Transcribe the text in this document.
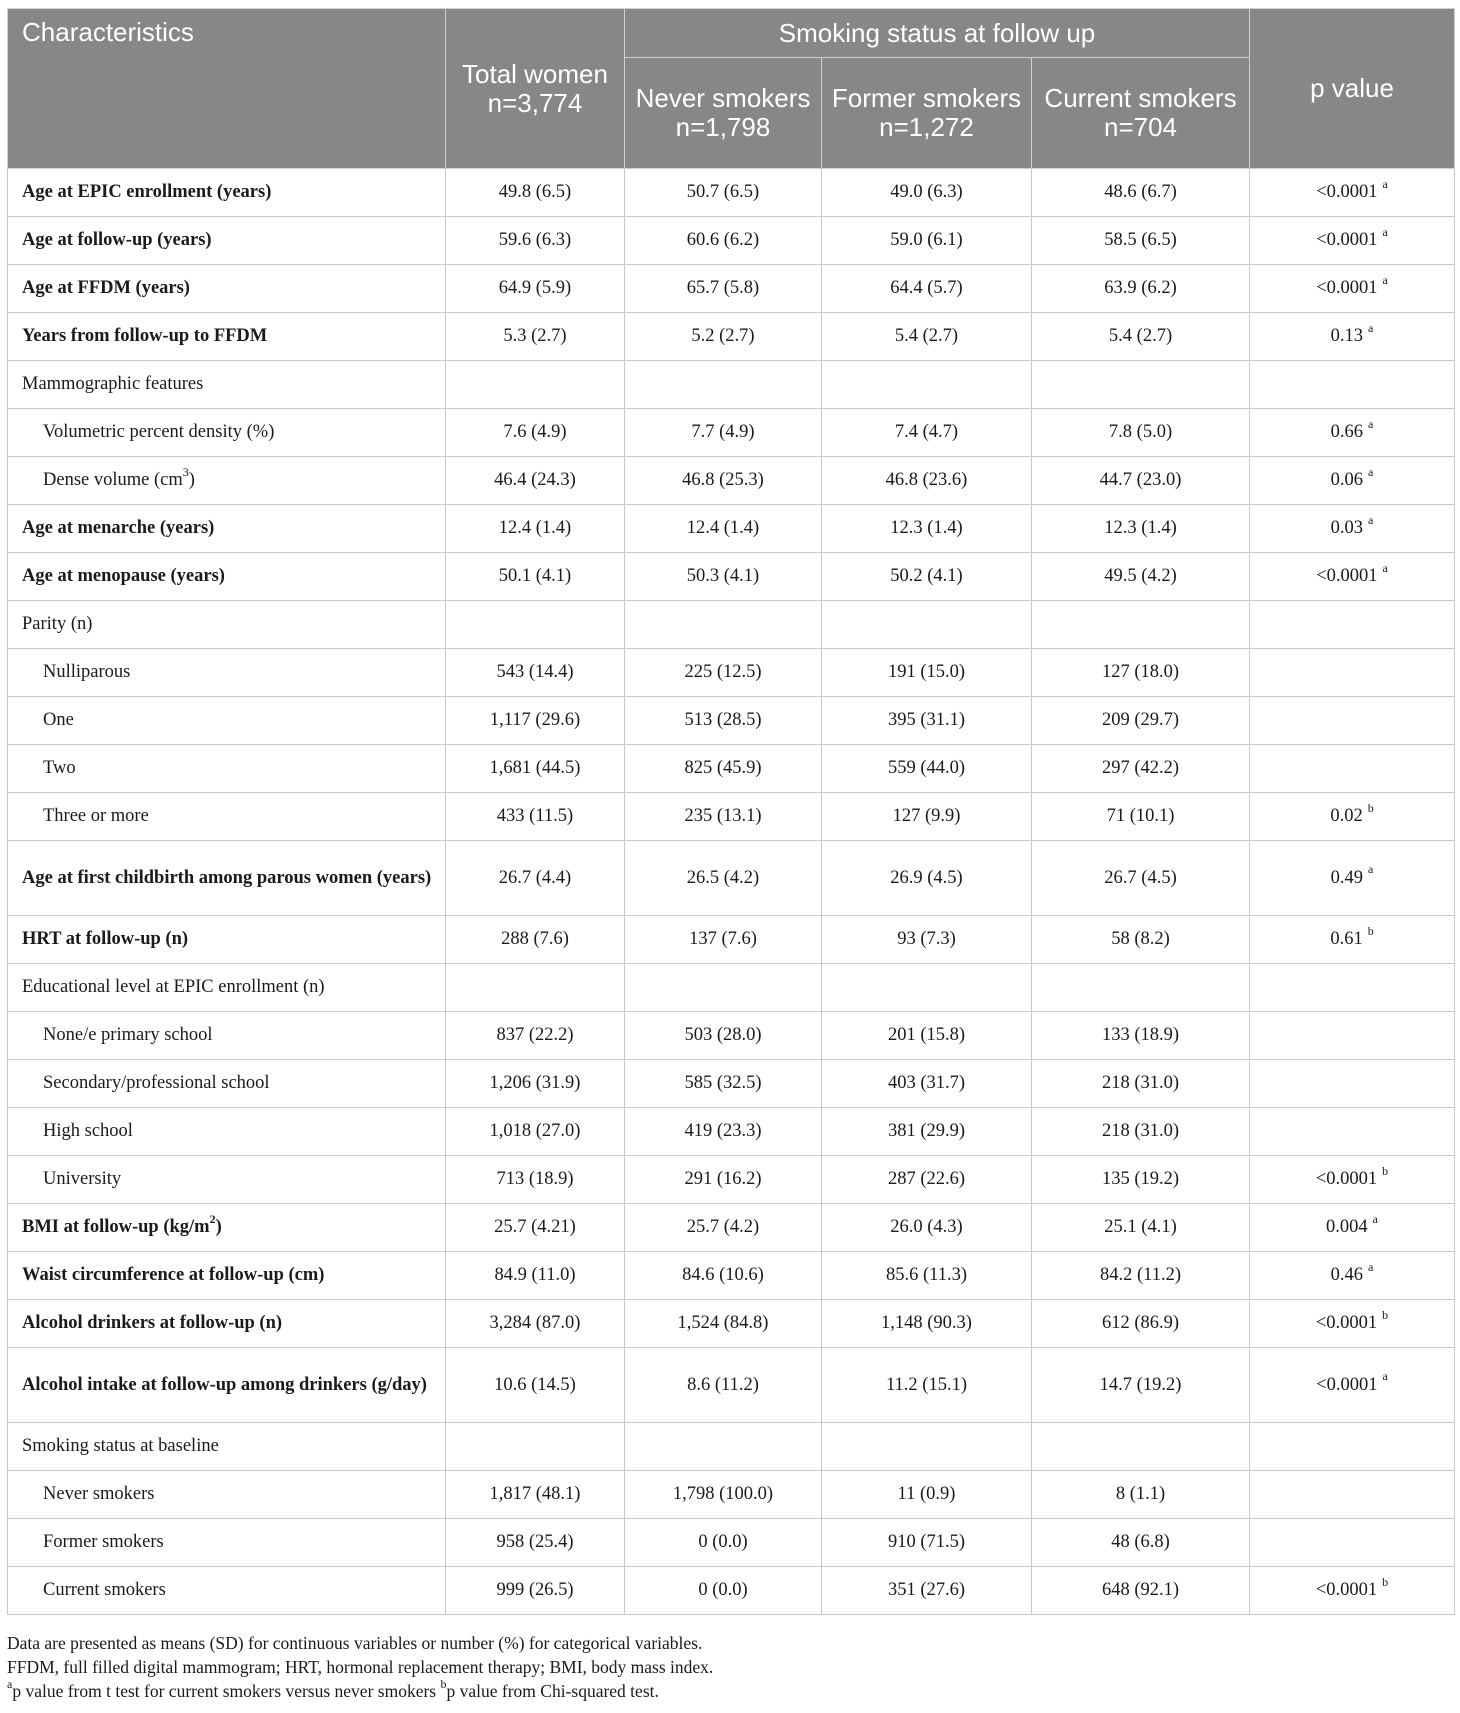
Characteristics	Total women n=3,774	Smoking status at follow up			p value
		Never smokers n=1,798	Former smokers n=1,272	Current smokers n=704	
Age at EPIC enrollment (years)	49.8 (6.5)	50.7 (6.5)	49.0 (6.3)	48.6 (6.7)	<0.0001 $^a$
Age at follow-up (years)	59.6 (6.3)	60.6 (6.2)	59.0 (6.1)	58.5 (6.5)	<0.0001 $^a$
Age at FFDM (years)	64.9 (5.9)	65.7 (5.8)	64.4 (5.7)	63.9 (6.2)	<0.0001 $^a$
Years from follow-up to FFDM	5.3 (2.7)	5.2 (2.7)	5.4 (2.7)	5.4 (2.7)	0.13 $^a$
Mammographic features					
Volumetric percent density (%)	7.6 (4.9)	7.7 (4.9)	7.4 (4.7)	7.8 (5.0)	0.66 $^a$
Dense volume $(cm^3)$	46.4 (24.3)	46.8 (25.3)	46.8 (23.6)	44.7 (23.0)	0.06 $^a$
Age at menarche (years)	12.4 (1.4)	12.4 (1.4)	12.3 (1.4)	12.3 (1.4)	0.03 $^a$
Age at menopause (years)	50.1 (4.1)	50.3 (4.1)	50.2 (4.1)	49.5 (4.2)	<0.0001 $^a$
Parity (n)					
Nulliparous	543 (14.4)	225 (12.5)	191 (15.0)	127 (18.0)	
One	1,117 (29.6)	513 (28.5)	395 (31.1)	209 (29.7)	
Two	1,681 (44.5)	825 (45.9)	559 (44.0)	297 (42.2)	
Three or more	433 (11.5)	235 (13.1)	127 (9.9)	71 (10.1)	0.02 $^b$
Age at first childbirth among parous women (years)	26.7 (4.4)	26.5 (4.2)	26.9 (4.5)	26.7 (4.5)	0.49 $^a$
HRT at follow-up (n)	288 (7.6)	137 (7.6)	93 (7.3)	58 (8.2)	0.61 $^b$
Educational level at EPIC enrollment (n)					
None/e primary school	837 (22.2)	503 (28.0)	201 (15.8)	133 (18.9)	
Secondary/professional school	1,206 (31.9)	585 (32.5)	403 (31.7)	218 (31.0)	
High school	1,018 (27.0)	419 (23.3)	381 (29.9)	218 (31.0)	
University	713 (18.9)	291 (16.2)	287 (22.6)	135 (19.2)	<0.0001 $^b$
BMI at follow-up $(kg/m^2)$	25.7 (4.21)	25.7 (4.2)	26.0 (4.3)	25.1 (4.1)	0.004 $^a$
Waist circumference at follow-up (cm)	84.9 (11.0)	84.6 (10.6)	85.6 (11.3)	84.2 (11.2)	0.46 $^a$
Alcohol drinkers at follow-up (n)	3,284 (87.0)	1,524 (84.8)	1,148 (90.3)	612 (86.9)	<0.0001 $^b$
Alcohol intake at follow-up among drinkers (g/day)	10.6 (14.5)	8.6 (11.2)	11.2 (15.1)	14.7 (19.2)	<0.0001 $^a$
Smoking status at baseline					
Never smokers	1,817 (48.1)	1,798 (100.0)	11 (0.9)	8 (1.1)	
Former smokers	958 (25.4)	0 (0.0)	910 (71.5)	48 (6.8)	
Current smokers	999 (26.5)	0 (0.0)	351 (27.6)	648 (92.1)	<0.0001 $^b$

Data are presented as means (SD) for continuous variables or number (%) for categorical variables.

FFDM, full filled digital mammogram; HRT, hormonal replacement therapy; BMI, body mass index.

$^a$p value from t test for current smokers versus never smokers $^b$p value from Chi-squared test.
